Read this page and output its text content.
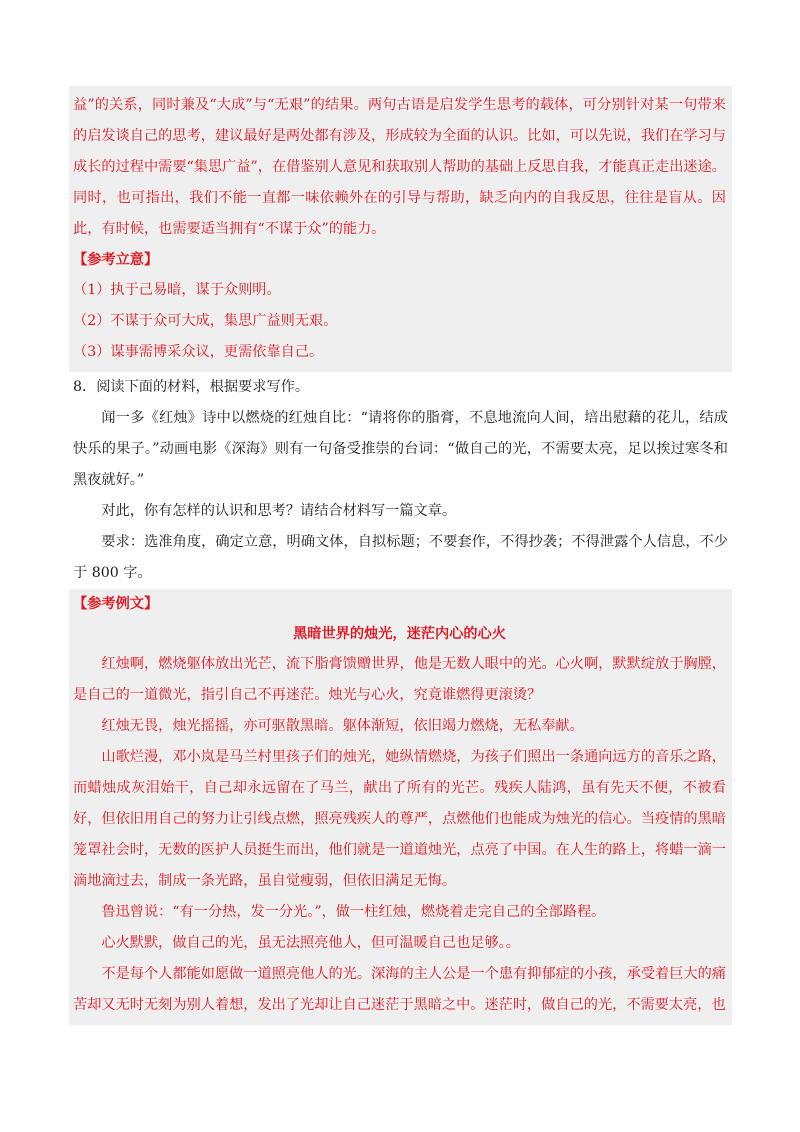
益”的关系，同时兼及“大成”与“无艰”的结果。两句古语是启发学生思考的载体，可分别针对某一句带来的启发谈自己的思考，建议最好是两处都有涉及，形成较为全面的认识。比如，可以先说，我们在学习与成长的过程中需要“集思广益”，在借鉴别人意见和获取别人帮助的基础上反思自我，才能真正走出迷途。同时，也可指出，我们不能一直都一味依赖外在的引导与帮助，缺乏向内的自我反思，往往是盲从。因此，有时候，也需要适当拥有“不谋于众”的能力。

【参考立意】

（1）执于己易暗，谋于众则明。

（2）不谋于众可大成，集思广益则无艰。

（3）谋事需博采众议，更需依靠自己。

8．阅读下面的材料，根据要求写作。

闻一多《红烛》诗中以燃烧的红烛自比：“请将你的脂膏，不息地流向人间，培出慰藉的花儿，结成快乐的果子。”动画电影《深海》则有一句备受推崇的台词：“做自己的光，不需要太亮，足以挨过寒冬和黑夜就好。”

对此，你有怎样的认识和思考？请结合材料写一篇文章。

要求：选准角度，确定立意，明确文体，自拟标题；不要套作，不得抄袭；不得泄露个人信息，不少于 800 字。

【参考例文】

黑暗世界的烛光，迷茫内心的心火

红烛啊，燃烧躯体放出光芒，流下脂膏馈赠世界，他是无数人眼中的光。心火啊，默默绽放于胸膛，是自己的一道微光，指引自己不再迷茫。烛光与心火，究竟谁燃得更滚烫？

红烛无畏，烛光摇摇，亦可驱散黑暗。躯体渐短，依旧竭力燃烧，无私奉献。

山歌烂漫，邓小岚是马兰村里孩子们的烛光，她纵情燃烧，为孩子们照出一条通向远方的音乐之路，而蜡烛成灰泪始干，自己却永远留在了马兰，献出了所有的光芒。残疾人陆鸿，虽有先天不便，不被看好，但依旧用自己的努力让引线点燃，照亮残疾人的尊严，点燃他们也能成为烛光的信心。当疫情的黑暗笼罩社会时，无数的医护人员挺生而出，他们就是一道道烛光，点亮了中国。在人生的路上，将蜡一滴一滴地滴过去，制成一条光路，虽自觉瘦弱，但依旧满足无悔。

鲁迅曾说：“有一分热，发一分光。”，做一柱红烛，燃烧着走完自己的全部路程。

心火默默，做自己的光，虽无法照亮他人，但可温暖自己也足够。。

不是每个人都能如愿做一道照亮他人的光。深海的主人公是一个患有抑郁症的小孩，承受着巨大的痛苦却又无时无刻为别人着想，发出了光却让自己迷茫于黑暗之中。迷茫时，做自己的光，不需要太亮，也
